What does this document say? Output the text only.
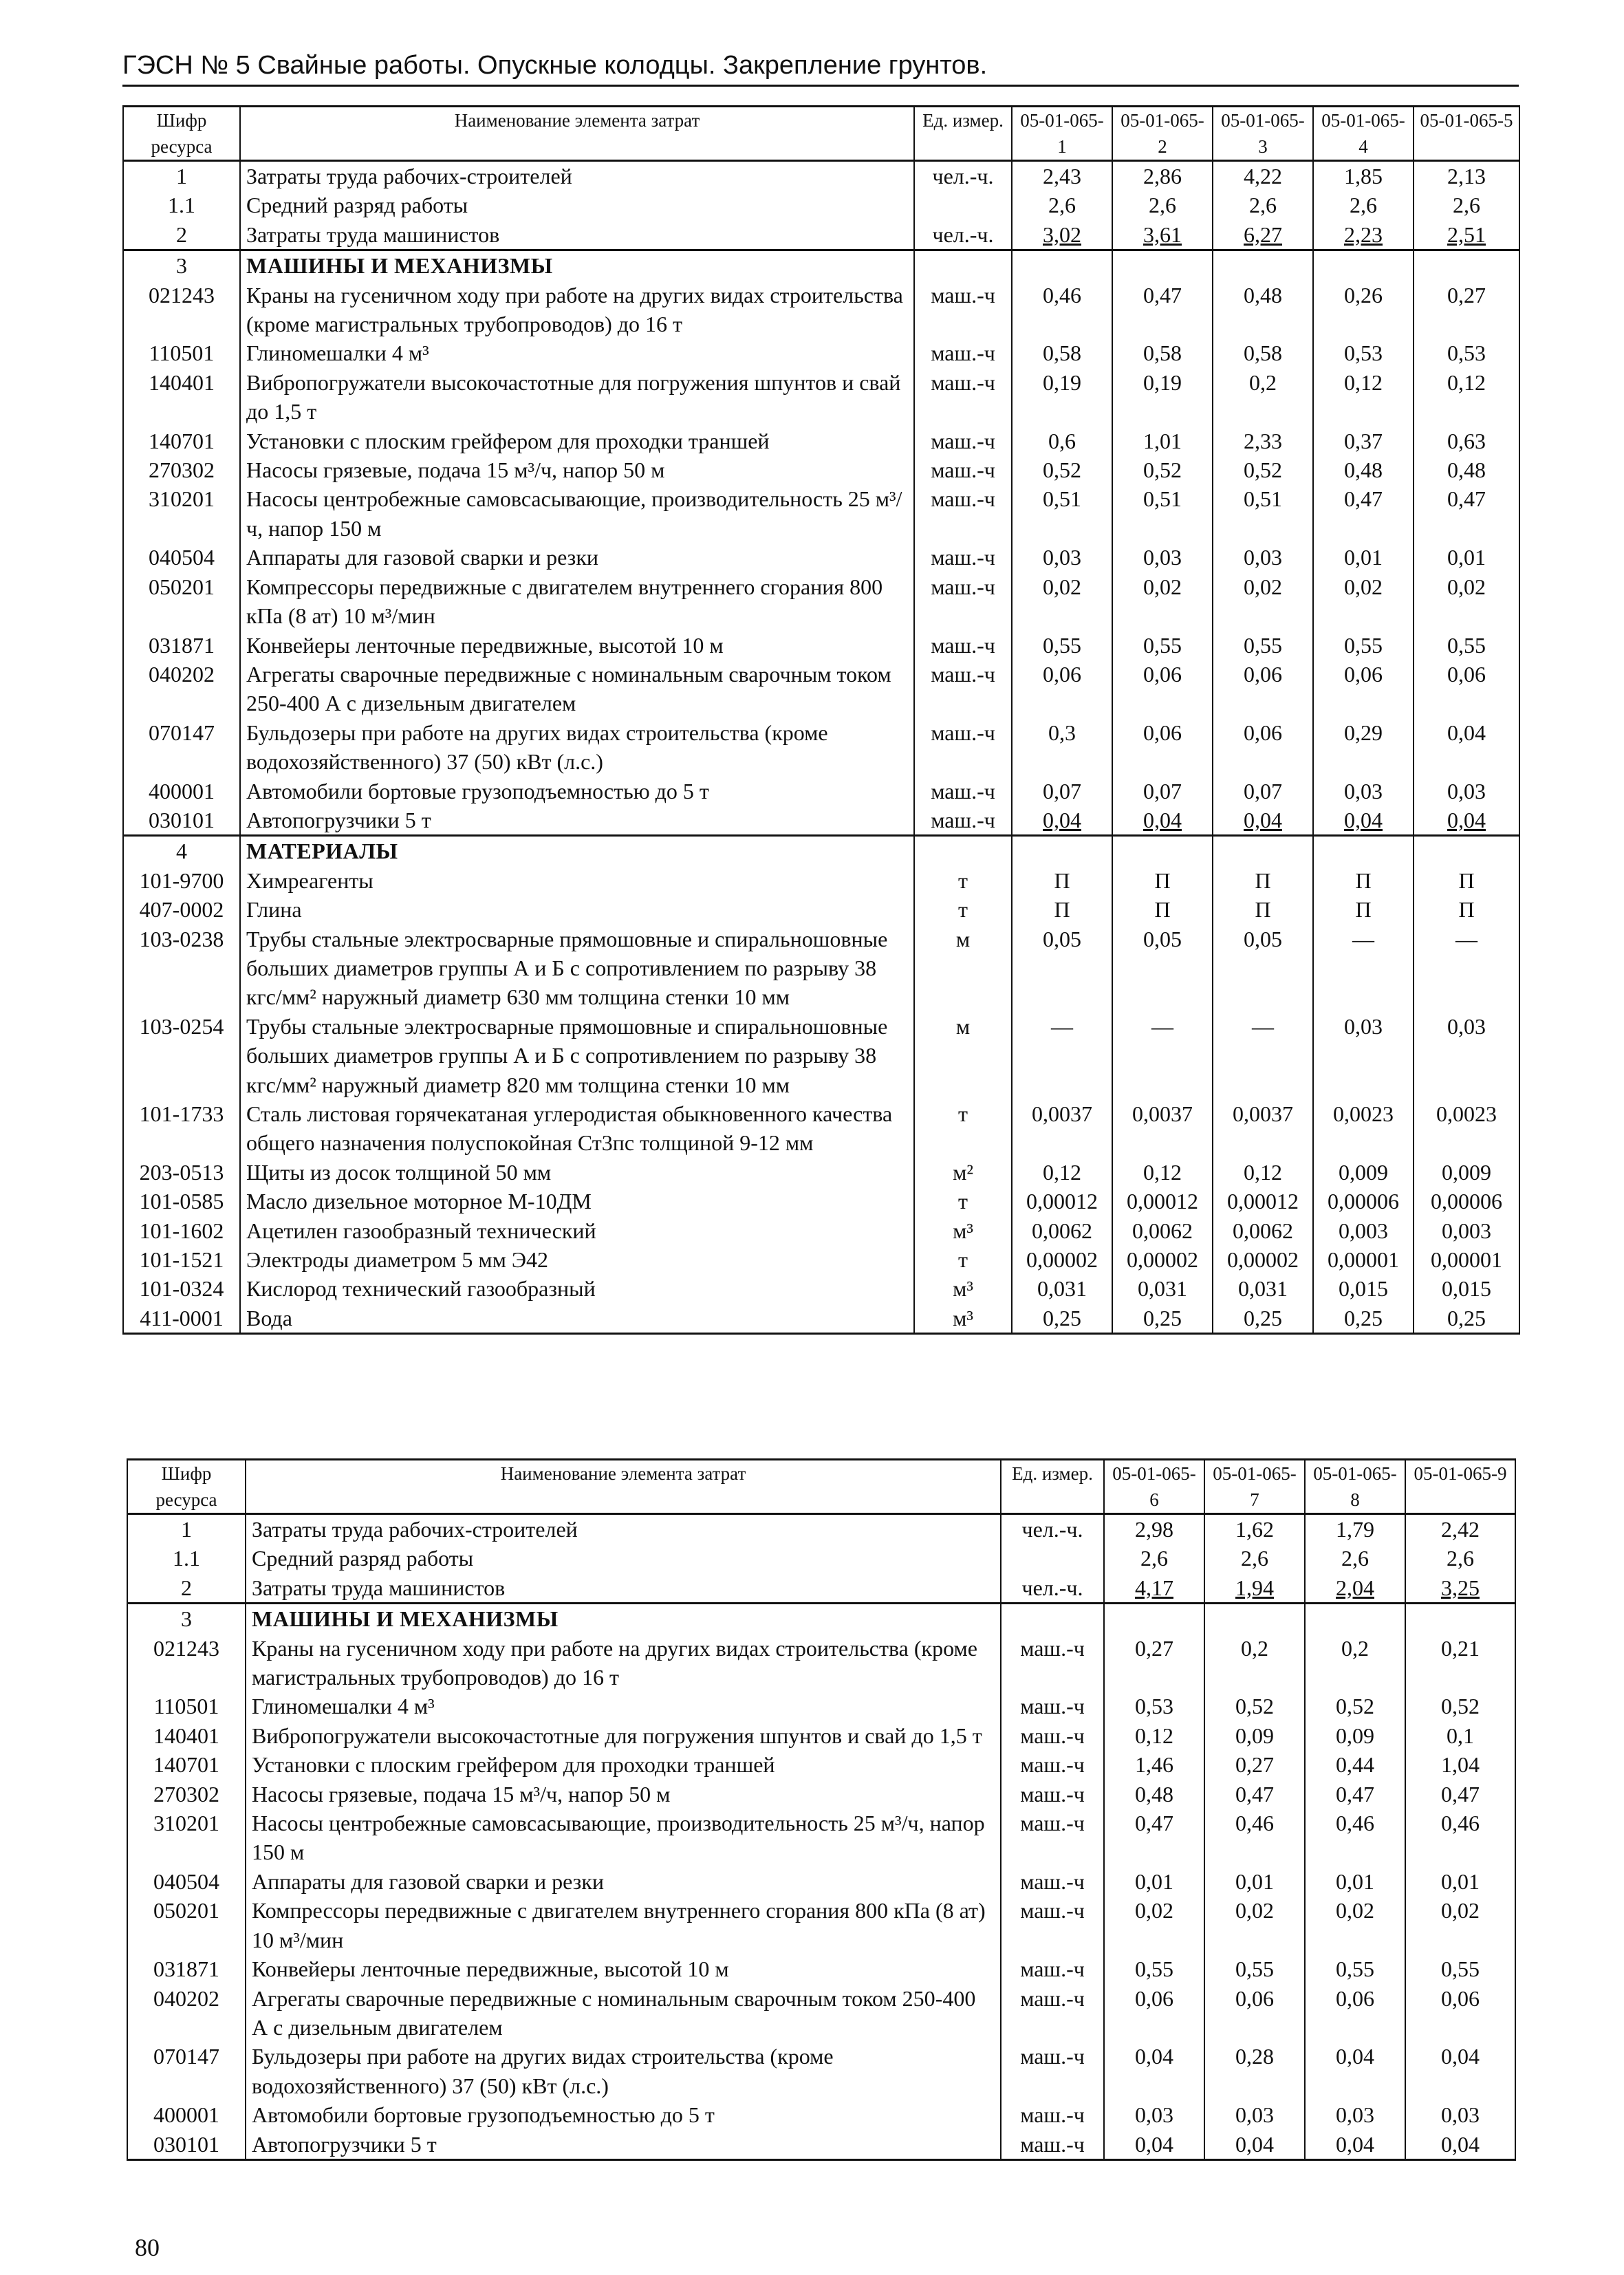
ГЭСН № 5 Свайные работы. Опускные колодцы. Закрепление грунтов.
Шифр ресурса	Наименование элемента затрат	Ед. измер.	05-01-065-1	05-01-065-2	05-01-065-3	05-01-065-4	05-01-065-5
1	Затраты труда рабочих-строителей	чел.-ч.	2,43	2,86	4,22	1,85	2,13
1.1	Средний разряд работы		2,6	2,6	2,6	2,6	2,6
2	Затраты труда машинистов	чел.-ч.	3,02	3,61	6,27	2,23	2,51
3	МАШИНЫ И МЕХАНИЗМЫ						
021243	Краны на гусеничном ходу при работе на других видах строительства (кроме магистральных трубопроводов) до 16 т	маш.-ч	0,46	0,47	0,48	0,26	0,27
110501	Глиномешалки 4 м³	маш.-ч	0,58	0,58	0,58	0,53	0,53
140401	Вибропогружатели высокочастотные для погружения шпунтов и свай до 1,5 т	маш.-ч	0,19	0,19	0,2	0,12	0,12
140701	Установки с плоским грейфером для проходки траншей	маш.-ч	0,6	1,01	2,33	0,37	0,63
270302	Насосы грязевые, подача 15 м³/ч, напор 50 м	маш.-ч	0,52	0,52	0,52	0,48	0,48
310201	Насосы центробежные самовсасывающие, производительность 25 м³/ч, напор 150 м	маш.-ч	0,51	0,51	0,51	0,47	0,47
040504	Аппараты для газовой сварки и резки	маш.-ч	0,03	0,03	0,03	0,01	0,01
050201	Компрессоры передвижные с двигателем внутреннего сгорания 800 кПа (8 ат) 10 м³/мин	маш.-ч	0,02	0,02	0,02	0,02	0,02
031871	Конвейеры ленточные передвижные, высотой 10 м	маш.-ч	0,55	0,55	0,55	0,55	0,55
040202	Агрегаты сварочные передвижные с номинальным сварочным током 250-400 А с дизельным двигателем	маш.-ч	0,06	0,06	0,06	0,06	0,06
070147	Бульдозеры при работе на других видах строительства (кроме водохозяйственного) 37 (50) кВт (л.с.)	маш.-ч	0,3	0,06	0,06	0,29	0,04
400001	Автомобили бортовые грузоподъемностью до 5 т	маш.-ч	0,07	0,07	0,07	0,03	0,03
030101	Автопогрузчики 5 т	маш.-ч	0,04	0,04	0,04	0,04	0,04
4	МАТЕРИАЛЫ						
101-9700	Химреагенты	т	П	П	П	П	П
407-0002	Глина	т	П	П	П	П	П
103-0238	Трубы стальные электросварные прямошовные и спиральношовные больших диаметров группы А и Б с сопротивлением по разрыву 38 кгс/мм² наружный диаметр 630 мм толщина стенки 10 мм	м	0,05	0,05	0,05	—	—
103-0254	Трубы стальные электросварные прямошовные и спиральношовные больших диаметров группы А и Б с сопротивлением по разрыву 38 кгс/мм² наружный диаметр 820 мм толщина стенки 10 мм	м	—	—	—	0,03	0,03
101-1733	Сталь листовая горячекатаная углеродистая обыкновенного качества общего назначения полуспокойная Ст3пс толщиной 9-12 мм	т	0,0037	0,0037	0,0037	0,0023	0,0023
203-0513	Щиты из досок толщиной 50 мм	м²	0,12	0,12	0,12	0,009	0,009
101-0585	Масло дизельное моторное М-10ДМ	т	0,00012	0,00012	0,00012	0,00006	0,00006
101-1602	Ацетилен газообразный технический	м³	0,0062	0,0062	0,0062	0,003	0,003
101-1521	Электроды диаметром 5 мм Э42	т	0,00002	0,00002	0,00002	0,00001	0,00001
101-0324	Кислород технический газообразный	м³	0,031	0,031	0,031	0,015	0,015
411-0001	Вода	м³	0,25	0,25	0,25	0,25	0,25
Шифр ресурса	Наименование элемента затрат	Ед. измер.	05-01-065-6	05-01-065-7	05-01-065-8	05-01-065-9
1	Затраты труда рабочих-строителей	чел.-ч.	2,98	1,62	1,79	2,42
1.1	Средний разряд работы		2,6	2,6	2,6	2,6
2	Затраты труда машинистов	чел.-ч.	4,17	1,94	2,04	3,25
3	МАШИНЫ И МЕХАНИЗМЫ					
021243	Краны на гусеничном ходу при работе на других видах строительства (кроме магистральных трубопроводов) до 16 т	маш.-ч	0,27	0,2	0,2	0,21
110501	Глиномешалки 4 м³	маш.-ч	0,53	0,52	0,52	0,52
140401	Вибропогружатели высокочастотные для погружения шпунтов и свай до 1,5 т	маш.-ч	0,12	0,09	0,09	0,1
140701	Установки с плоским грейфером для проходки траншей	маш.-ч	1,46	0,27	0,44	1,04
270302	Насосы грязевые, подача 15 м³/ч, напор 50 м	маш.-ч	0,48	0,47	0,47	0,47
310201	Насосы центробежные самовсасывающие, производительность 25 м³/ч, напор 150 м	маш.-ч	0,47	0,46	0,46	0,46
040504	Аппараты для газовой сварки и резки	маш.-ч	0,01	0,01	0,01	0,01
050201	Компрессоры передвижные с двигателем внутреннего сгорания 800 кПа (8 ат) 10 м³/мин	маш.-ч	0,02	0,02	0,02	0,02
031871	Конвейеры ленточные передвижные, высотой 10 м	маш.-ч	0,55	0,55	0,55	0,55
040202	Агрегаты сварочные передвижные с номинальным сварочным током 250-400 А с дизельным двигателем	маш.-ч	0,06	0,06	0,06	0,06
070147	Бульдозеры при работе на других видах строительства (кроме водохозяйственного) 37 (50) кВт (л.с.)	маш.-ч	0,04	0,28	0,04	0,04
400001	Автомобили бортовые грузоподъемностью до 5 т	маш.-ч	0,03	0,03	0,03	0,03
030101	Автопогрузчики 5 т	маш.-ч	0,04	0,04	0,04	0,04
80
